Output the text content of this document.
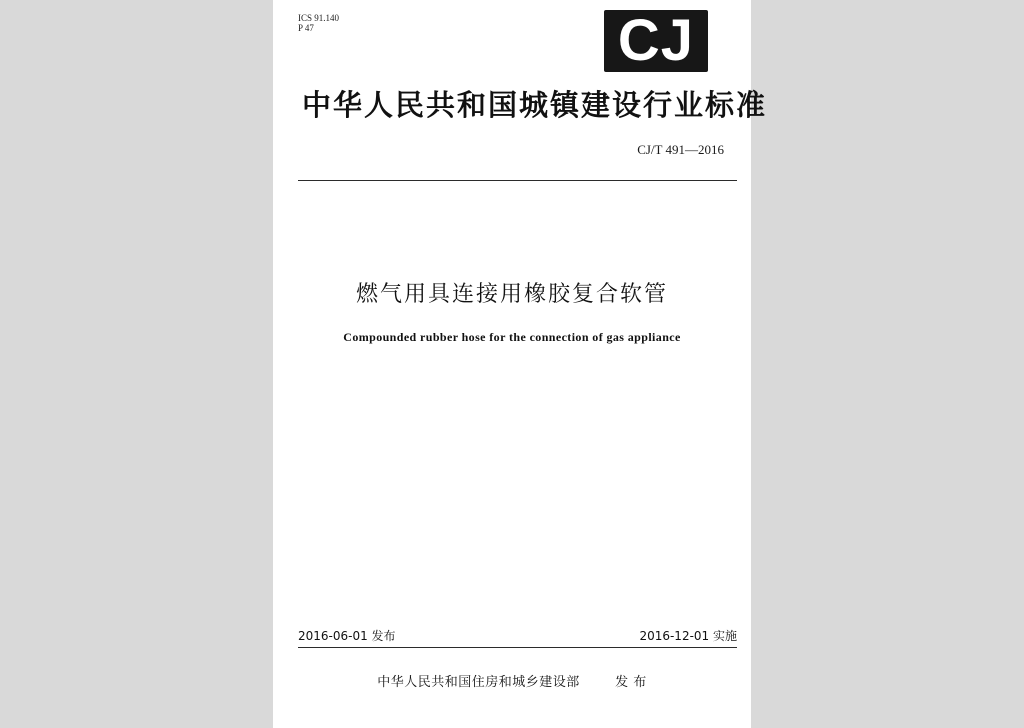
ICS 91.140
P 47	CJ
中华人民共和国城镇建设行业标准
CJ/T 491—2016
燃气用具连接用橡胶复合软管
Compounded rubber hose for the connection of gas appliance
2016-06-01 发布	2016-12-01 实施
中华人民共和国住房和城乡建设部	发 布
